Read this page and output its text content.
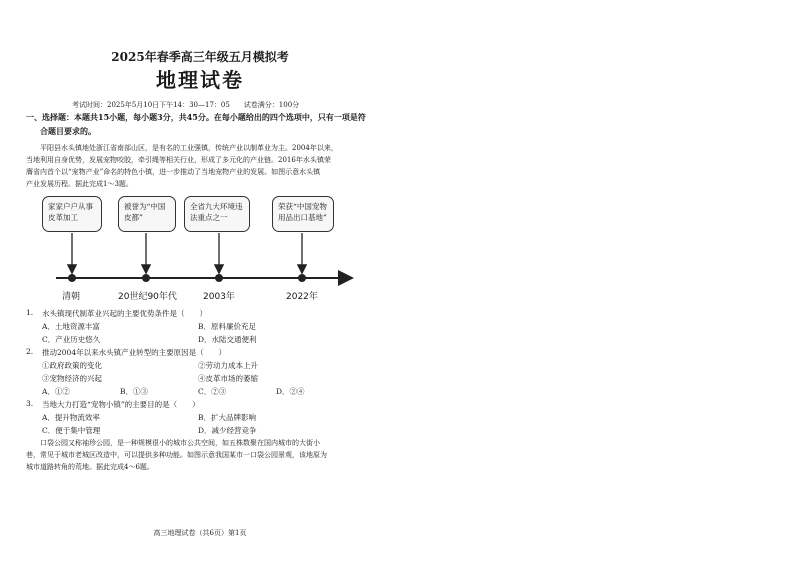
2025年春季高三年级五月模拟考
地理试卷
考试时间：2025年5月10日下午14：30—17：05　　试卷满分：100分
一、选择题：本题共15小题，每小题3分，共45分。在每小题给出的四个选项中，只有一项是符
合题目要求的。
平阳县水头镇地处浙江省南部山区，是有名的工业强镇，传统产业以制革业为主。2004年以来，
当地利用自身优势，发展宠物咬胶，牵引绳等相关行业，形成了多元化的产业链。2016年水头镇荣
膺省内首个以“宠物产业”命名的特色小镇，进一步推动了当地宠物产业的发展。如图示意水头镇
产业发展历程。据此完成1～3题。
家家户户从事皮革加工
被誉为“中国皮都”
全省九大环境违法重点之一
荣获“中国宠物用品出口基地”
清朝	20世纪90年代	2003年	2022年
1. 水头镇现代制革业兴起的主要优势条件是（　　）
A．土地资源丰富	B．原料廉价充足
C．产业历史悠久	D．水陆交通便利
2. 推动2004年以来水头镇产业转型的主要原因是（　　）
①政府政策的变化	②劳动力成本上升
③宠物经济的兴起	④皮革市场的萎缩
A．①②	B．①③	C．②③	D．②④
3. 当地大力打造“宠物小镇”的主要目的是（　　）
A．提升物流效率	B．扩大品牌影响
C．便于集中管理	D．减少经营竞争
口袋公园又称袖珍公园，是一种规模很小的城市公共空间，如五株数聚在国内城市的大街小
巷，常见于城市老城区改造中，可以提供多种功能。如图示意我国某市一口袋公园景观，该地原为
城市道路转角的荒地。据此完成4～6题。
高三地理试卷（共6页）第1页
